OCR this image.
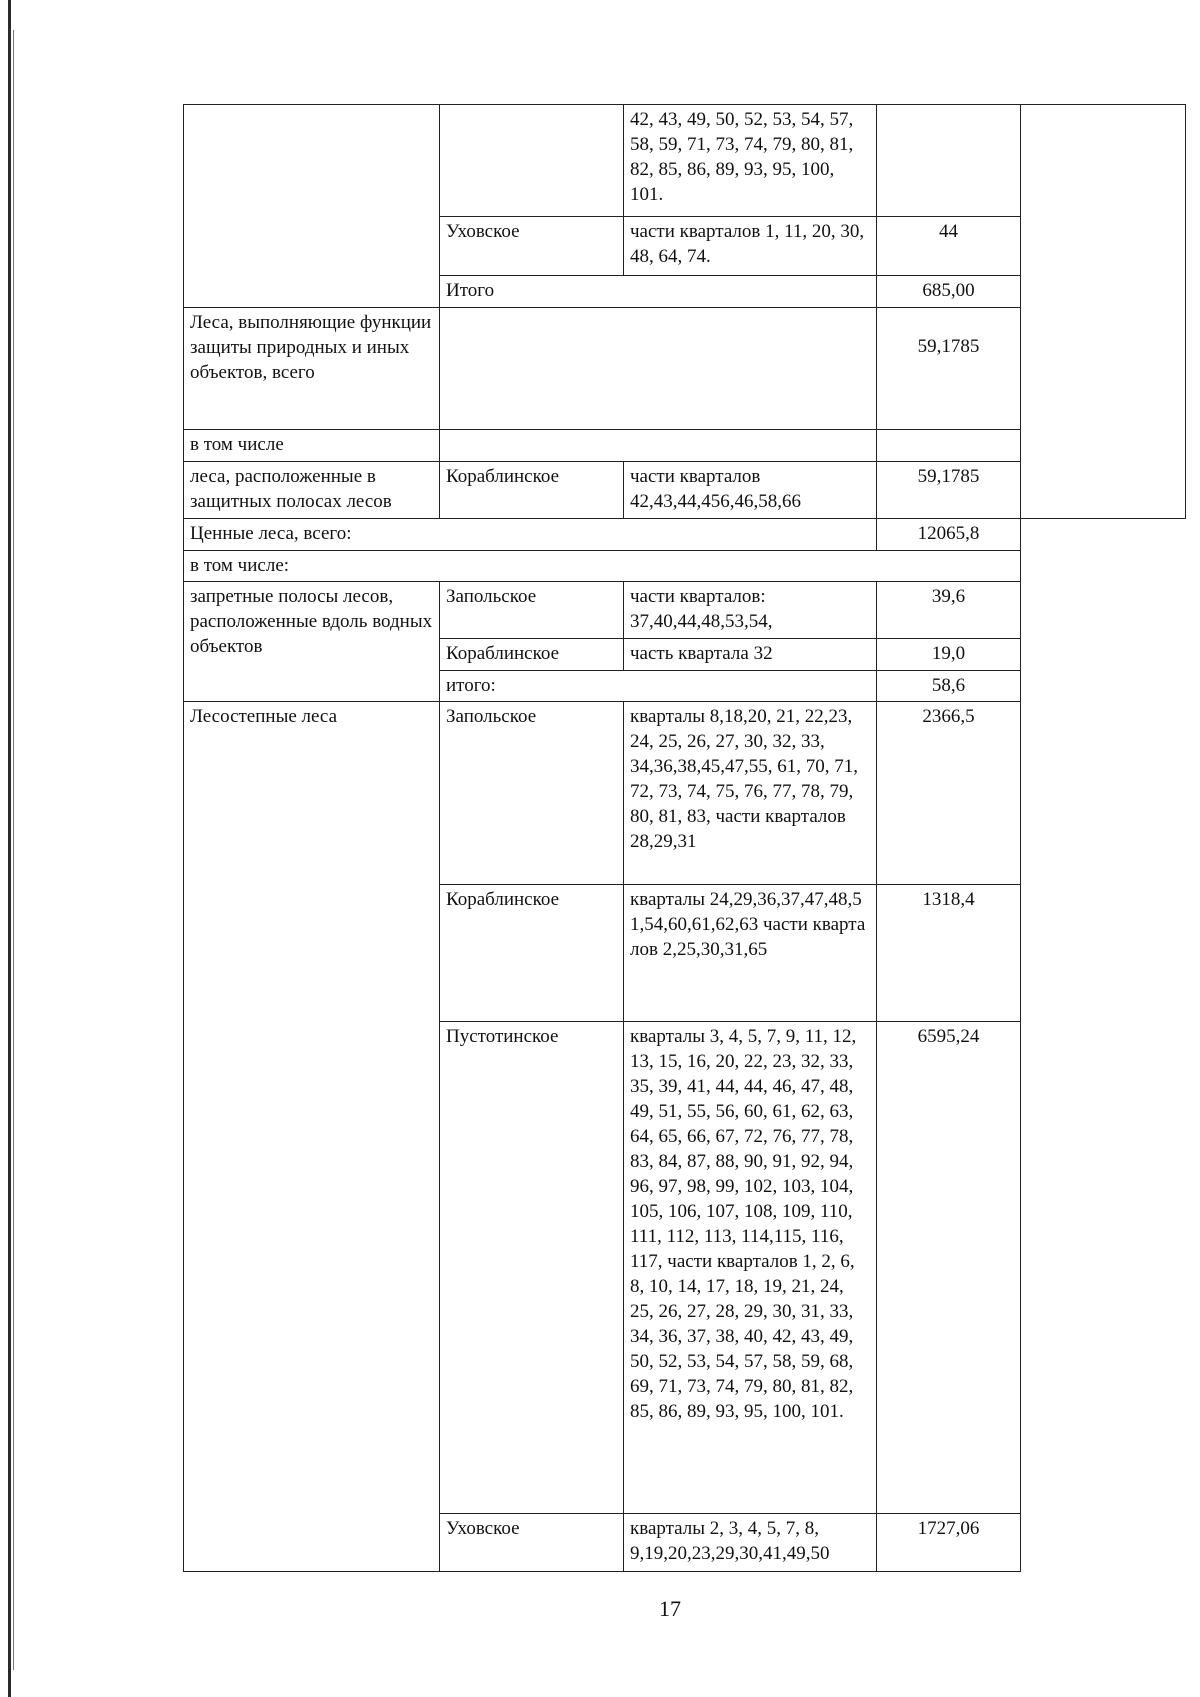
		42, 43, 49, 50, 52, 53, 54, 57, 58, 59, 71, 73, 74, 79, 80, 81, 82, 85, 86, 89, 93, 95, 100, 101.		
	Уховское	части кварталов 1, 11, 20, 30, 48, 64, 74.	44	
	Итого		685,00	
Леса, выполняющие функции защиты природных и иных объектов, всего			59,1785	
в том числе				
леса, расположенные в защитных полосах лесов	Кораблинское	части кварталов 42,43,44,456,46,58,66	59,1785	
Ценные леса, всего:			12065,8	
в том числе:				
запретные полосы лесов, расположенные вдоль водных объектов	Запольское	части кварталов: 37,40,44,48,53,54,	39,6	
	Кораблинское	часть квартала 32	19,0	
	итого:		58,6	
Лесостепные леса	Запольское	кварталы 8,18,20, 21, 22,23, 24, 25, 26, 27, 30, 32, 33, 34,36,38,45,47,55, 61, 70, 71, 72, 73, 74, 75, 76, 77, 78, 79, 80, 81, 83, части кварталов 28,29,31	2366,5	
	Кораблинское	кварталы 24,29,36,37,47,48,51,54,60,61,62,63 части кварталов 2,25,30,31,65	1318,4	
	Пустотинское	кварталы 3, 4, 5, 7, 9, 11, 12, 13, 15, 16, 20, 22, 23, 32, 33, 35, 39, 41, 44, 44, 46, 47, 48, 49, 51, 55, 56, 60, 61, 62, 63, 64, 65, 66, 67, 72, 76, 77, 78, 83, 84, 87, 88, 90, 91, 92, 94, 96, 97, 98, 99, 102, 103, 104, 105, 106, 107, 108, 109, 110, 111, 112, 113, 114,115, 116, 117, части кварталов 1, 2, 6, 8, 10, 14, 17, 18, 19, 21, 24, 25, 26, 27, 28, 29, 30, 31, 33, 34, 36, 37, 38, 40, 42, 43, 49, 50, 52, 53, 54, 57, 58, 59, 68, 69, 71, 73, 74, 79, 80, 81, 82, 85, 86, 89, 93, 95, 100, 101.	6595,24	
	Уховское	кварталы 2, 3, 4, 5, 7, 8, 9,19,20,23,29,30,41,49,50	1727,06	
17
